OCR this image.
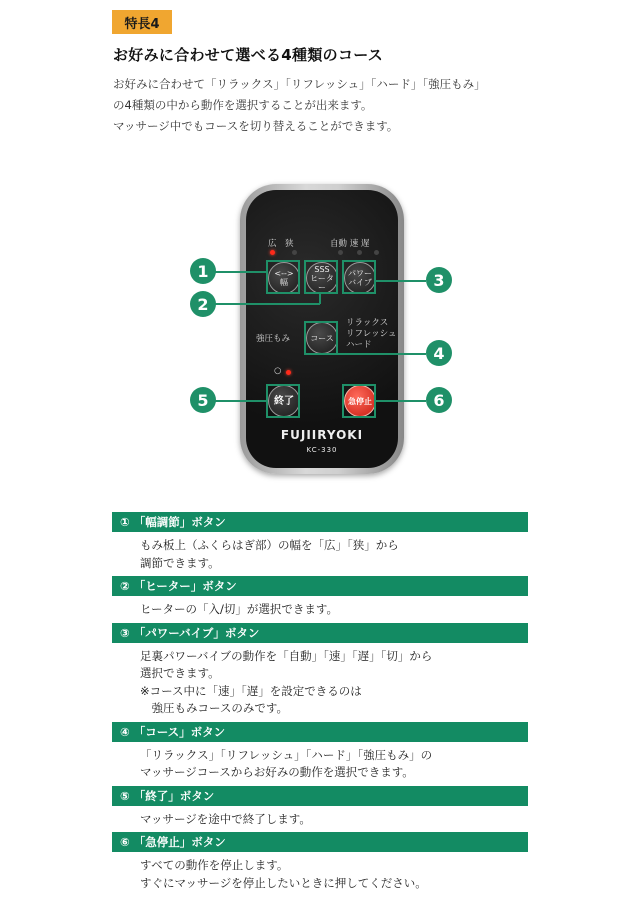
特長4
お好みに合わせて選べる4種類のコース
お好みに合わせて「リラックス」「リフレッシュ」「ハード」「強圧もみ」
の4種類の中から動作を選択することが出来ます。
マッサージ中でもコースを切り替えることができます。
広　狭	自動 速 遅
<-->
幅
SSS
ヒーター
パワー
バイブ
強圧もみ	コース
リラックス
リフレッシュ
ハード
○
終了	急停止
FUJIIRYOKI
KC-330
1
2
3
4
5	6
① 「幅調節」ボタン
もみ板上（ふくらはぎ部）の幅を「広」「狭」から
調節できます。
② 「ヒーター」ボタン
ヒーターの「入/切」が選択できます。
③ 「パワーバイブ」ボタン
足裏パワーバイブの動作を「自動」「速」「遅」「切」から
選択できます。
※コース中に「速」「遅」を設定できるのは
　強圧もみコースのみです。
④ 「コース」ボタン
「リラックス」「リフレッシュ」「ハード」「強圧もみ」の
マッサージコースからお好みの動作を選択できます。
⑤ 「終了」ボタン
マッサージを途中で終了します。
⑥ 「急停止」ボタン
すべての動作を停止します。
すぐにマッサージを停止したいときに押してください。
